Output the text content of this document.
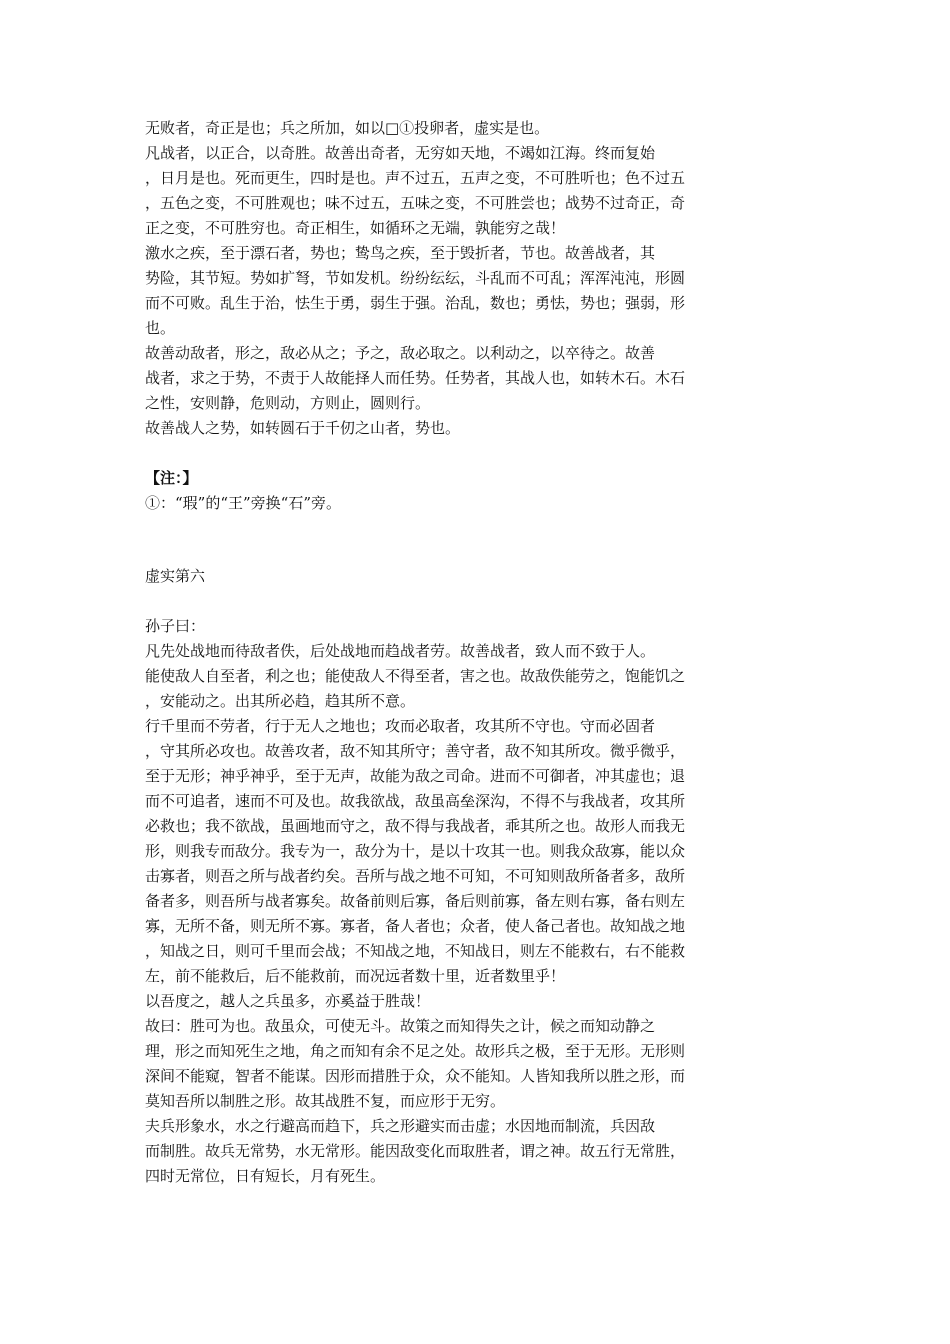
无败者，奇正是也；兵之所加，如以□①投卵者，虚实是也。
凡战者，以正合，以奇胜。故善出奇者，无穷如天地，不竭如江海。终而复始
，日月是也。死而更生，四时是也。声不过五，五声之变，不可胜听也；色不过五
，五色之变，不可胜观也；味不过五，五味之变，不可胜尝也；战势不过奇正，奇
正之变，不可胜穷也。奇正相生，如循环之无端，孰能穷之哉！
激水之疾，至于漂石者，势也；鸷鸟之疾，至于毁折者，节也。故善战者，其
势险，其节短。势如扩弩，节如发机。纷纷纭纭，斗乱而不可乱；浑浑沌沌，形圆
而不可败。乱生于治，怯生于勇，弱生于强。治乱，数也；勇怯，势也；强弱，形
也。
故善动敌者，形之，敌必从之；予之，敌必取之。以利动之，以卒待之。故善
战者，求之于势，不责于人故能择人而任势。任势者，其战人也，如转木石。木石
之性，安则静，危则动，方则止，圆则行。
故善战人之势，如转圆石于千仞之山者，势也。
【注：】
①：“瑕”的“王”旁换“石”旁。
虚实第六
孙子曰：
凡先处战地而待敌者佚，后处战地而趋战者劳。故善战者，致人而不致于人。
能使敌人自至者，利之也；能使敌人不得至者，害之也。故敌佚能劳之，饱能饥之
，安能动之。出其所必趋，趋其所不意。
行千里而不劳者，行于无人之地也；攻而必取者，攻其所不守也。守而必固者
，守其所必攻也。故善攻者，敌不知其所守；善守者，敌不知其所攻。微乎微乎，
至于无形；神乎神乎，至于无声，故能为敌之司命。进而不可御者，冲其虚也；退
而不可追者，速而不可及也。故我欲战，敌虽高垒深沟，不得不与我战者，攻其所
必救也；我不欲战，虽画地而守之，敌不得与我战者，乖其所之也。故形人而我无
形，则我专而敌分。我专为一，敌分为十，是以十攻其一也。则我众敌寡，能以众
击寡者，则吾之所与战者约矣。吾所与战之地不可知，不可知则敌所备者多，敌所
备者多，则吾所与战者寡矣。故备前则后寡，备后则前寡，备左则右寡，备右则左
寡，无所不备，则无所不寡。寡者，备人者也；众者，使人备己者也。故知战之地
，知战之日，则可千里而会战；不知战之地，不知战日，则左不能救右，右不能救
左，前不能救后，后不能救前，而况远者数十里，近者数里乎！
以吾度之，越人之兵虽多，亦奚益于胜哉！
故曰：胜可为也。敌虽众，可使无斗。故策之而知得失之计，候之而知动静之
理，形之而知死生之地，角之而知有余不足之处。故形兵之极，至于无形。无形则
深间不能窥，智者不能谋。因形而措胜于众，众不能知。人皆知我所以胜之形，而
莫知吾所以制胜之形。故其战胜不复，而应形于无穷。
夫兵形象水，水之行避高而趋下，兵之形避实而击虚；水因地而制流，兵因敌
而制胜。故兵无常势，水无常形。能因敌变化而取胜者，谓之神。故五行无常胜，
四时无常位，日有短长，月有死生。
